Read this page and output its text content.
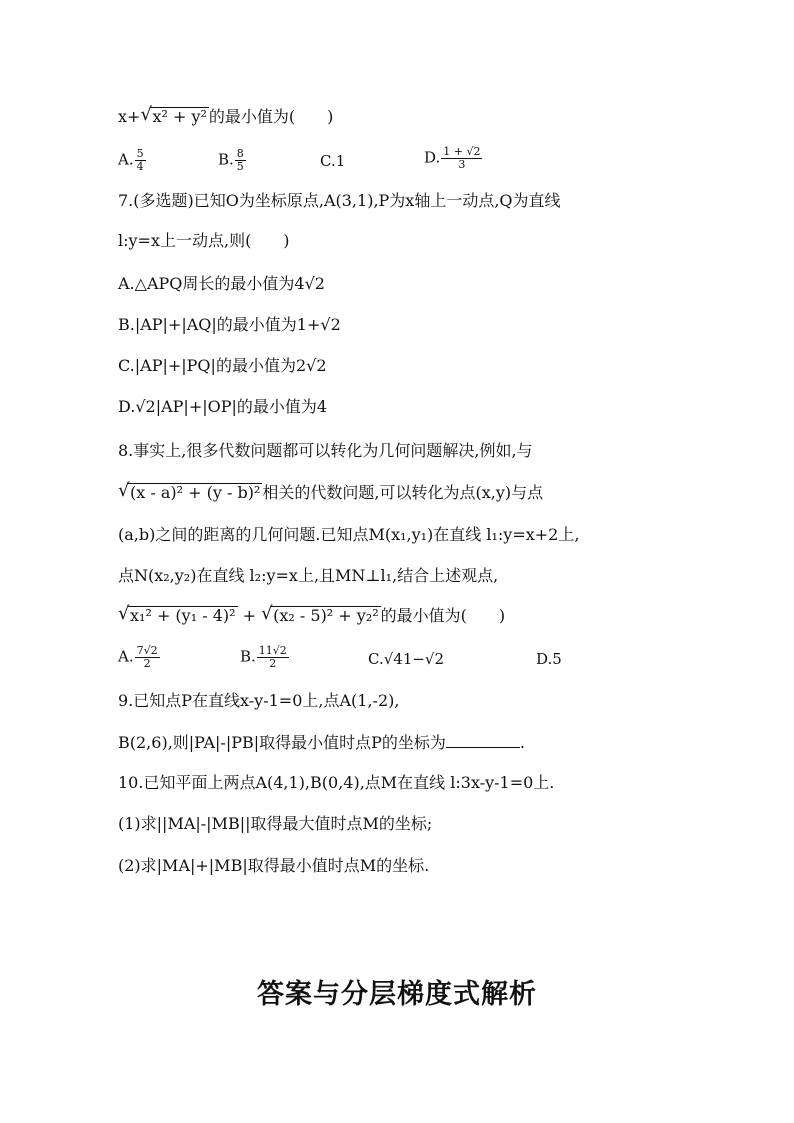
x+ √ x² + y² 的最小值为(　　)
A. $\frac{5}{4}$	B. $\frac{8}{5}$	C.1	D. $\frac{1 + √2}{3}$
7.(多选题)已知O为坐标原点,A(3,1),P为x轴上一动点,Q为直线
l:y=x上一动点,则(　　)
A.△APQ周长的最小值为4√2
B.|AP|+|AQ|的最小值为1+√2
C.|AP|+|PQ|的最小值为2√2
D.√2|AP|+|OP|的最小值为4
8.事实上,很多代数问题都可以转化为几何问题解决,例如,与
√ (x - a)² + (y - b)² 相关的代数问题,可以转化为点(x,y)与点
(a,b)之间的距离的几何问题.已知点M(x₁,y₁)在直线 l₁:y=x+2上,
点N(x₂,y₂)在直线 l₂:y=x上,且MN⊥l₁,结合上述观点,
√ x₁² + (y₁ - 4)² + √ (x₂ - 5)² + y₂² 的最小值为(　　)
A. $\frac{7√2}{2}$	B. $\frac{11√2}{2}$	C.√41−√2	D.5
9.已知点P在直线x-y-1=0上,点A(1,-2),
B(2,6),则|PA|-|PB|取得最小值时点P的坐标为	.
10.已知平面上两点A(4,1),B(0,4),点M在直线 l:3x-y-1=0上.
(1)求||MA|-|MB||取得最大值时点M的坐标;
(2)求|MA|+|MB|取得最小值时点M的坐标.
答案与分层梯度式解析
